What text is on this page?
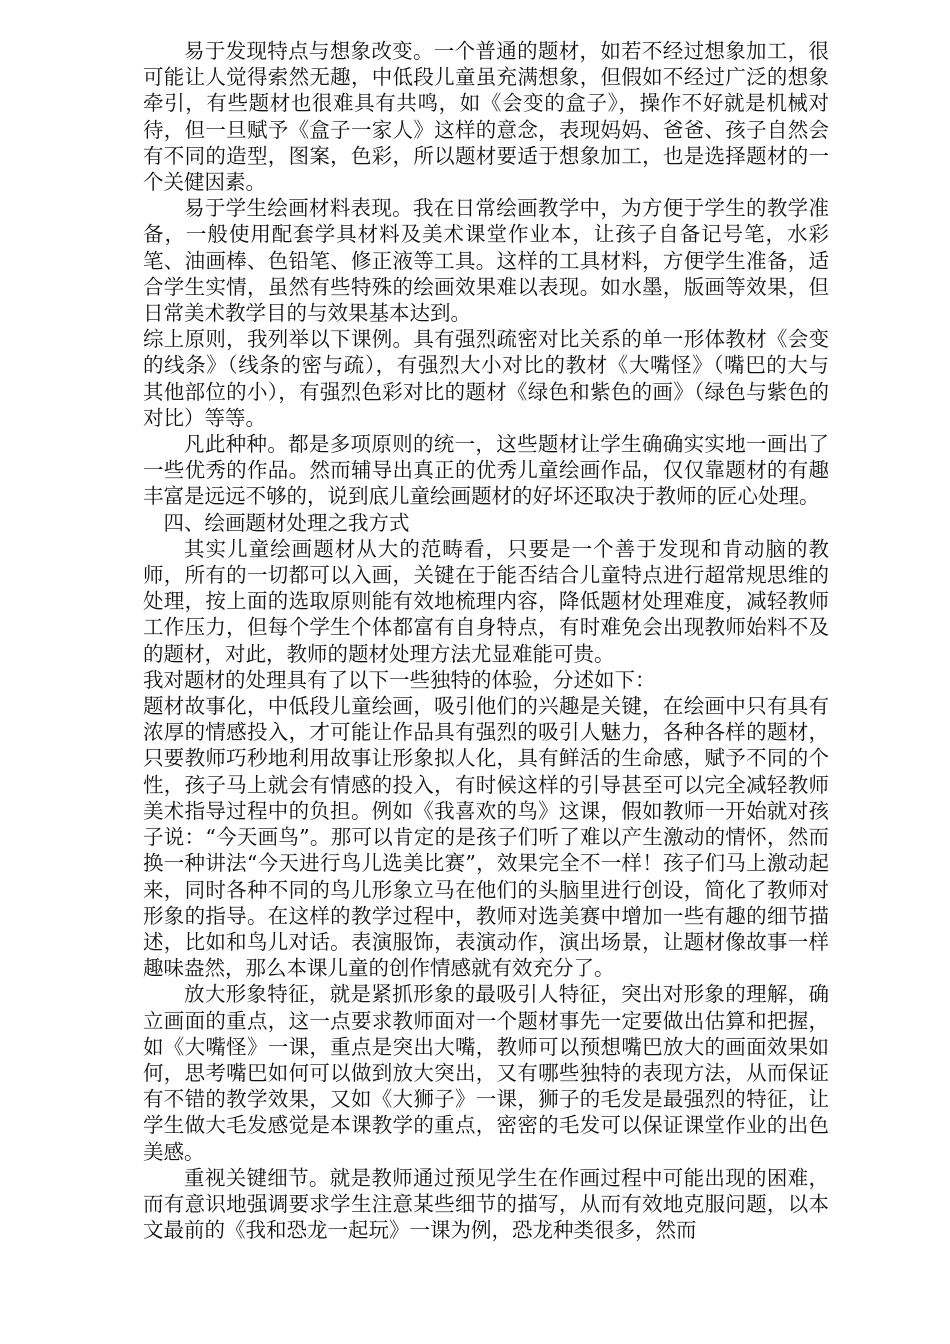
易于发现特点与想象改变。一个普通的题材，如若不经过想象加工，很可能让人觉得索然无趣，中低段儿童虽充满想象，但假如不经过广泛的想象牵引，有些题材也很难具有共鸣，如《会变的盒子》，操作不好就是机械对待，但一旦赋予《盒子一家人》这样的意念，表现妈妈、爸爸、孩子自然会有不同的造型，图案，色彩，所以题材要适于想象加工，也是选择题材的一个关健因素。

易于学生绘画材料表现。我在日常绘画教学中，为方便于学生的教学准备，一般使用配套学具材料及美术课堂作业本，让孩子自备记号笔，水彩笔、油画棒、色铅笔、修正液等工具。这样的工具材料，方便学生准备，适合学生实情，虽然有些特殊的绘画效果难以表现。如水墨，版画等效果，但日常美术教学目的与效果基本达到。

综上原则，我列举以下课例。具有强烈疏密对比关系的单一形体教材《会变的线条》（线条的密与疏），有强烈大小对比的教材《大嘴怪》（嘴巴的大与其他部位的小），有强烈色彩对比的题材《绿色和紫色的画》（绿色与紫色的对比）等等。

凡此种种。都是多项原则的统一，这些题材让学生确确实实地一画出了一些优秀的作品。然而辅导出真正的优秀儿童绘画作品，仅仅靠题材的有趣丰富是远远不够的，说到底儿童绘画题材的好坏还取决于教师的匠心处理。

四、绘画题材处理之我方式

其实儿童绘画题材从大的范畴看，只要是一个善于发现和肯动脑的教师，所有的一切都可以入画，关键在于能否结合儿童特点进行超常规思维的处理，按上面的选取原则能有效地梳理内容，降低题材处理难度，减轻教师工作压力，但每个学生个体都富有自身特点，有时难免会出现教师始料不及的题材，对此，教师的题材处理方法尤显难能可贵。

我对题材的处理具有了以下一些独特的体验，分述如下：

题材故事化，中低段儿童绘画，吸引他们的兴趣是关键，在绘画中只有具有浓厚的情感投入，才可能让作品具有强烈的吸引人魅力，各种各样的题材，只要教师巧秒地利用故事让形象拟人化，具有鲜活的生命感，赋予不同的个性，孩子马上就会有情感的投入，有时候这样的引导甚至可以完全减轻教师美术指导过程中的负担。例如《我喜欢的鸟》这课，假如教师一开始就对孩子说：“今天画鸟”。那可以肯定的是孩子们听了难以产生激动的情怀，然而换一种讲法“今天进行鸟儿选美比赛”，效果完全不一样！孩子们马上激动起来，同时各种不同的鸟儿形象立马在他们的头脑里进行创设，简化了教师对形象的指导。在这样的教学过程中，教师对选美赛中增加一些有趣的细节描述，比如和鸟儿对话。表演服饰，表演动作，演出场景，让题材像故事一样趣味盎然，那么本课儿童的创作情感就有效充分了。

放大形象特征，就是紧抓形象的最吸引人特征，突出对形象的理解，确立画面的重点，这一点要求教师面对一个题材事先一定要做出估算和把握，如《大嘴怪》一课，重点是突出大嘴，教师可以预想嘴巴放大的画面效果如何，思考嘴巴如何可以做到放大突出，又有哪些独特的表现方法，从而保证有不错的教学效果，又如《大狮子》一课，狮子的毛发是最强烈的特征，让学生做大毛发感觉是本课教学的重点，密密的毛发可以保证课堂作业的出色美感。

重视关键细节。就是教师通过预见学生在作画过程中可能出现的困难，而有意识地强调要求学生注意某些细节的描写，从而有效地克服问题，以本文最前的《我和恐龙一起玩》一课为例，恐龙种类很多，然而
